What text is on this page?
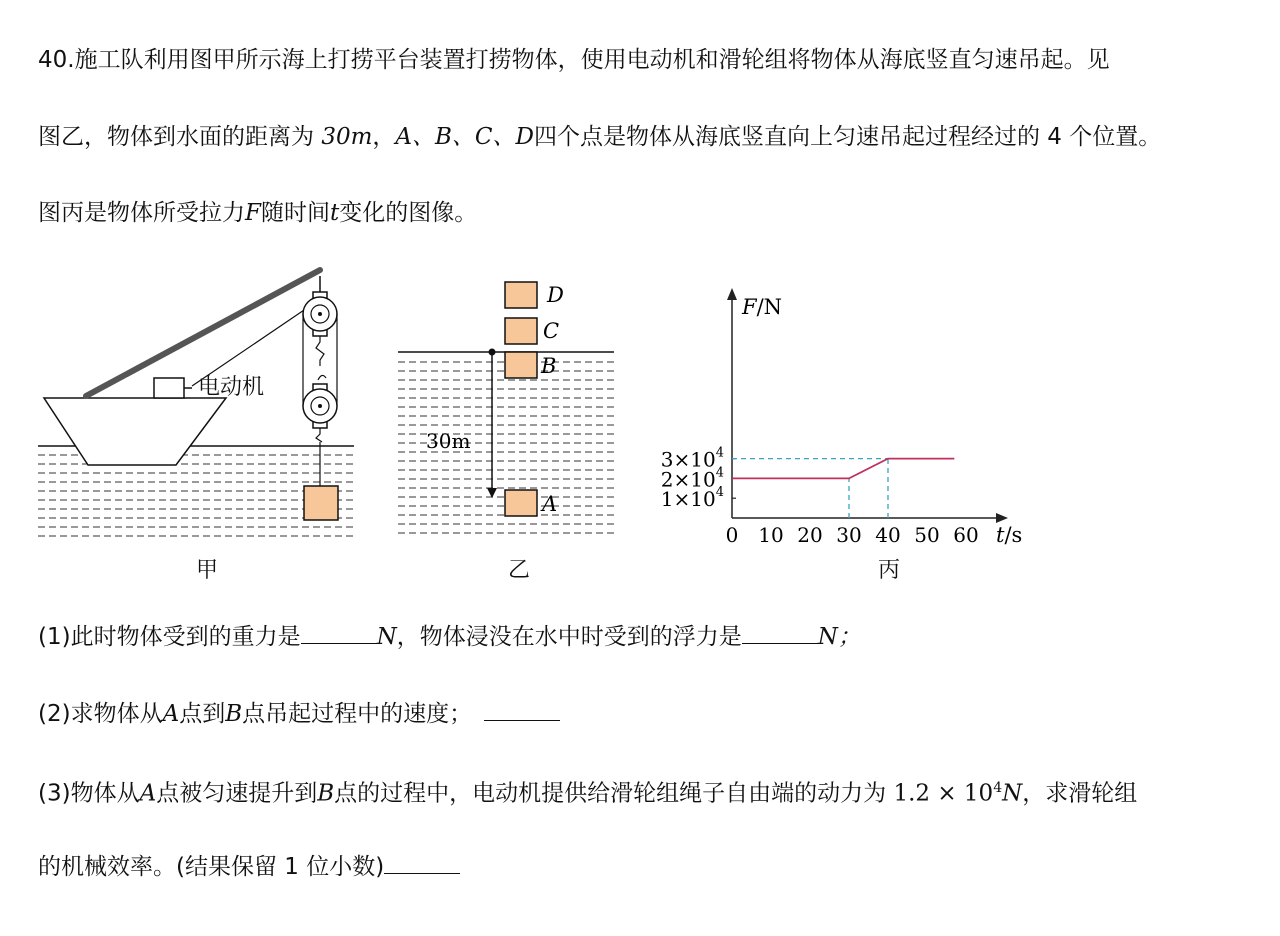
40.施工队利用图甲所示海上打捞平台装置打捞物体，使用电动机和滑轮组将物体从海底竖直匀速吊起。见
图乙，物体到水面的距离为 30m，A、B、C、D四个点是物体从海底竖直向上匀速吊起过程经过的 4 个位置。
图丙是物体所受拉力F随时间t变化的图像。
电动机
甲
D
C
B
A
30m
乙
F/N
t/s
0 10 20 30 40 50 60
$1\times 10^4$
$2\times 10^4$
$3\times 10^4$
丙
(1)此时物体受到的重力是	N，物体浸没在水中时受到的浮力是	N；
(2)求物体从A点到B点吊起过程中的速度；
(3)物体从A点被匀速提升到B点的过程中，电动机提供给滑轮组绳子自由端的动力为 $1.2 \times 10^4N$，求滑轮组
的机械效率。(结果保留 1 位小数)
